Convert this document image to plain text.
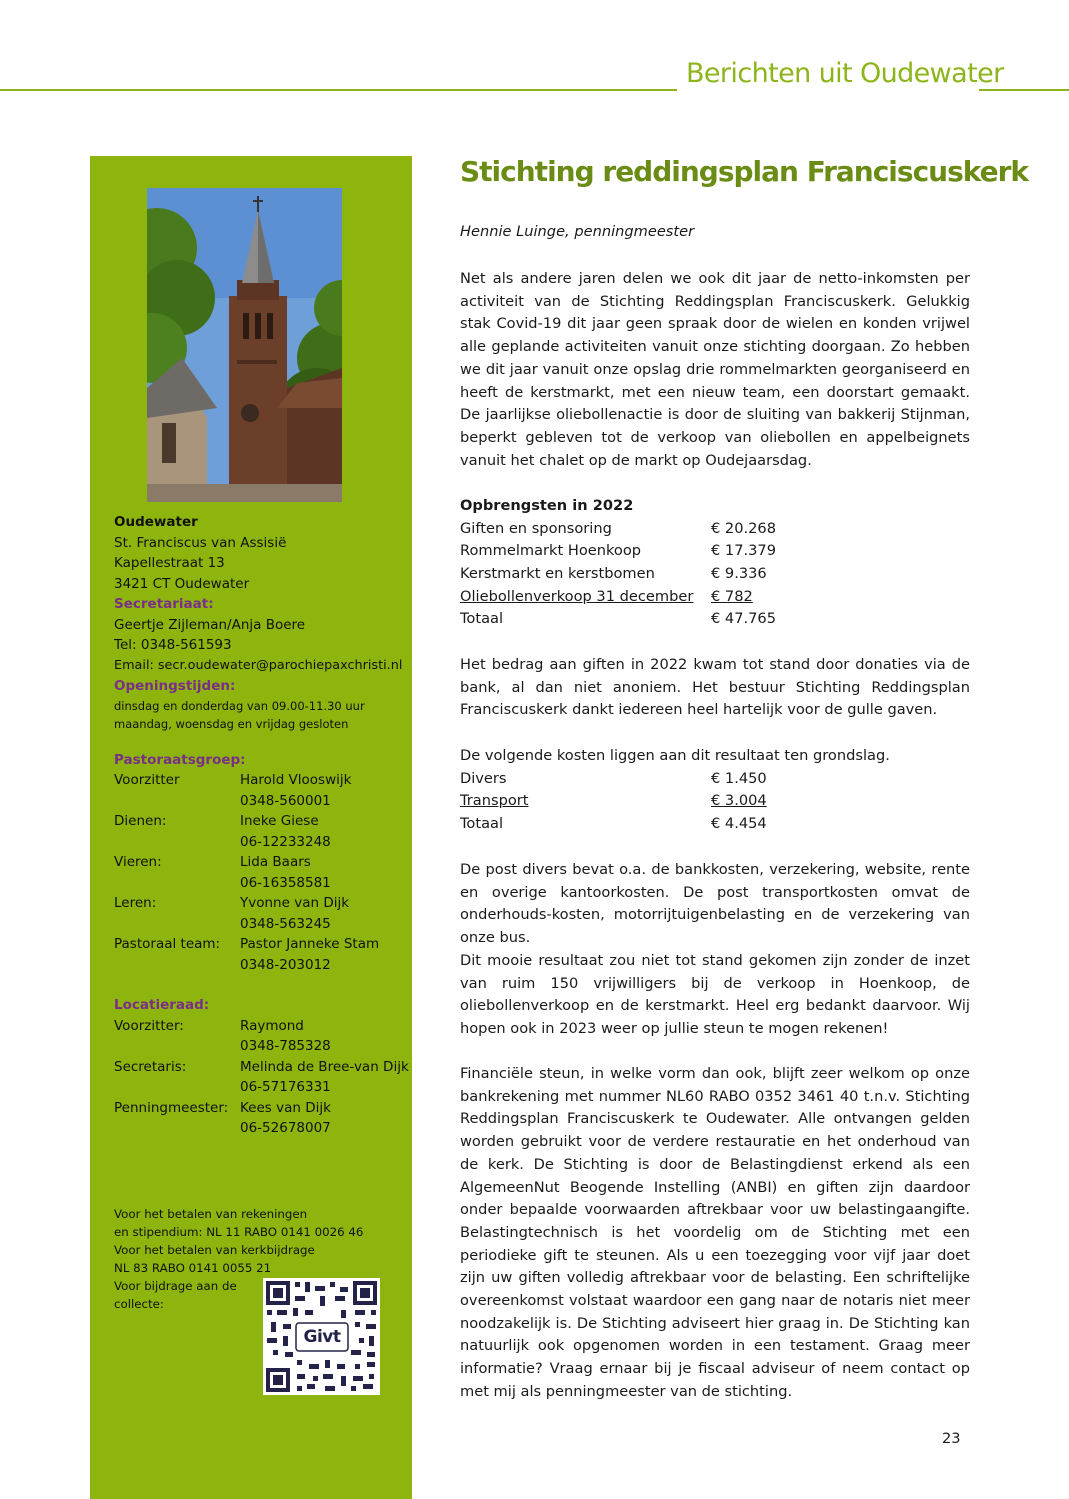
Berichten uit Oudewater
Oudewater
St. Franciscus van Assisië
Kapellestraat 13
3421 CT Oudewater
Secretariaat:
Geertje Zijleman/Anja Boere
Tel: 0348-561593
Email: secr.oudewater@parochiepaxchristi.nl
Openingstijden:
dinsdag en donderdag van 09.00-11.30 uur
maandag, woensdag en vrijdag gesloten
Pastoraatsgroep:
Voorzitter	Harold Vlooswijk
0348-560001
Dienen:	Ineke Giese
06-12233248
Vieren:	Lida Baars
06-16358581
Leren:	Yvonne van Dijk
0348-563245
Pastoraal team:	Pastor Janneke Stam
0348-203012
Locatieraad:
Voorzitter:	Raymond
0348-785328
Secretaris:	Melinda de Bree-van Dijk
06-57176331
Penningmeester: Kees van Dijk
06-52678007
Voor het betalen van rekeningen
en stipendium: NL 11 RABO 0141 0026 46
Voor het betalen van kerkbijdrage
NL 83 RABO 0141 0055 21
Voor bijdrage aan de
collecte:
Givt
Stichting reddingsplan Franciscuskerk
Hennie Luinge, penningmeester
Net als andere jaren delen we ook dit jaar de netto-inkomsten per activiteit van de Stichting Reddingsplan Franciscuskerk. Gelukkig stak Covid-19 dit jaar geen spraak door de wielen en konden vrijwel alle geplande activiteiten vanuit onze stichting doorgaan. Zo hebben we dit jaar vanuit onze opslag drie rommelmarkten georganiseerd en heeft de kerstmarkt, met een nieuw team, een doorstart gemaakt. De jaarlijkse oliebollenactie is door de sluiting van bakkerij Stijnman, beperkt gebleven tot de verkoop van oliebollen en appelbeignets vanuit het chalet op de markt op Oudejaarsdag.
Opbrengsten in 2022
Giften en sponsoring	€ 20.268
Rommelmarkt Hoenkoop	€ 17.379
Kerstmarkt en kerstbomen	€ 9.336
Oliebollenverkoop 31 december	€ 782
Totaal	€ 47.765
Het bedrag aan giften in 2022 kwam tot stand door donaties via de bank, al dan niet anoniem. Het bestuur Stichting Reddingsplan Franciscuskerk dankt iedereen heel hartelijk voor de gulle gaven.
De volgende kosten liggen aan dit resultaat ten grondslag.
Divers	€ 1.450
Transport	€ 3.004
Totaal	€ 4.454
De post divers bevat o.a. de bankkosten, verzekering, website, rente en overige kantoorkosten. De post transportkosten omvat de onderhouds-kosten, motorrijtuigenbelasting en de verzekering van onze bus.
Dit mooie resultaat zou niet tot stand gekomen zijn zonder de inzet van ruim 150 vrijwilligers bij de verkoop in Hoenkoop, de oliebollenverkoop en de kerstmarkt. Heel erg bedankt daarvoor. Wij hopen ook in 2023 weer op jullie steun te mogen rekenen!
Financiële steun, in welke vorm dan ook, blijft zeer welkom op onze bankrekening met nummer NL60 RABO 0352 3461 40 t.n.v. Stichting Reddingsplan Franciscuskerk te Oudewater. Alle ontvangen gelden worden gebruikt voor de verdere restauratie en het onderhoud van de kerk. De Stichting is door de Belastingdienst erkend als een AlgemeenNut Beogende Instelling (ANBI) en giften zijn daardoor onder bepaalde voorwaarden aftrekbaar voor uw belastingaangifte. Belastingtechnisch is het voordelig om de Stichting met een periodieke gift te steunen. Als u een toezegging voor vijf jaar doet zijn uw giften volledig aftrekbaar voor de belasting. Een schriftelijke overeenkomst volstaat waardoor een gang naar de notaris niet meer noodzakelijk is. De Stichting adviseert hier graag in. De Stichting kan natuurlijk ook opgenomen worden in een testament. Graag meer informatie? Vraag ernaar bij je fiscaal adviseur of neem contact op met mij als penningmeester van de stichting.
23
